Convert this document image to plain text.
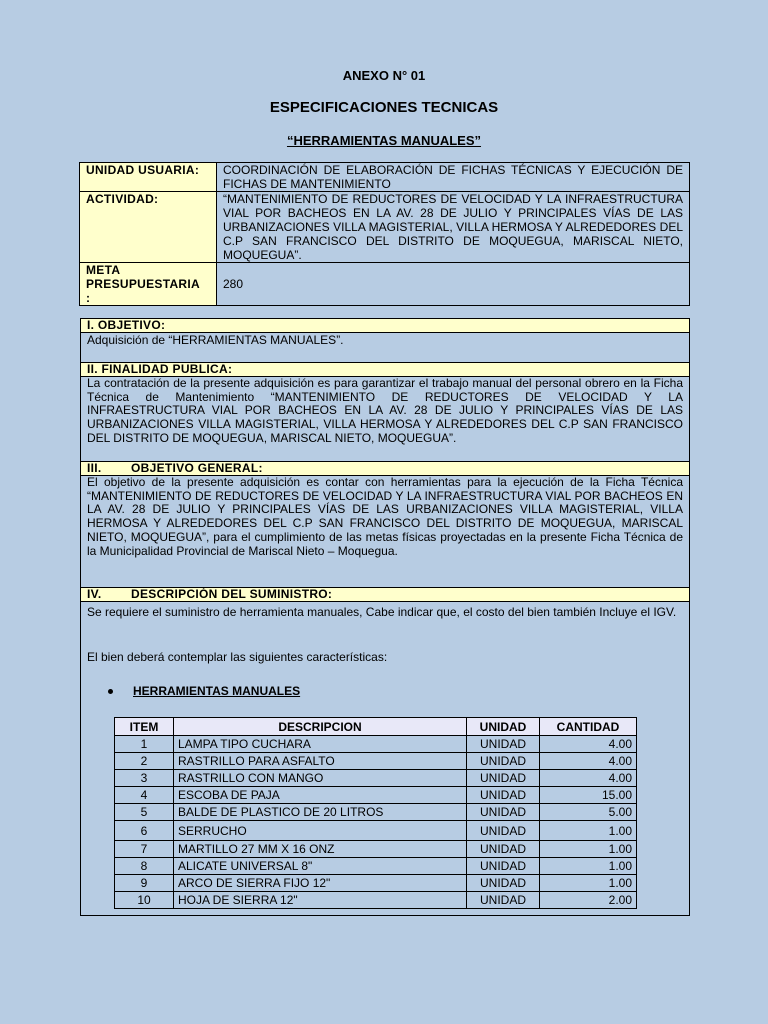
ANEXO N° 01
ESPECIFICACIONES TECNICAS
“HERRAMIENTAS MANUALES”
UNIDAD USUARIA:	COORDINACIÓN DE ELABORACIÓN DE FICHAS TÉCNICAS Y EJECUCIÓN DE FICHAS DE MANTENIMIENTO
ACTIVIDAD:	“MANTENIMIENTO DE REDUCTORES DE VELOCIDAD Y LA INFRAESTRUCTURA VIAL POR BACHEOS EN LA AV. 28 DE JULIO Y PRINCIPALES VÍAS DE LAS URBANIZACIONES VILLA MAGISTERIAL, VILLA HERMOSA Y ALREDEDORES DEL C.P SAN FRANCISCO DEL DISTRITO DE MOQUEGUA, MARISCAL NIETO, MOQUEGUA”.

META
PRESUPUESTARIA
:	280
I. OBJETIVO:
Adquisición de “HERRAMIENTAS MANUALES”.
II. FINALIDAD PUBLICA:
La contratación de la presente adquisición es para garantizar el trabajo manual del personal obrero en la Ficha Técnica de Mantenimiento “MANTENIMIENTO DE REDUCTORES DE VELOCIDAD Y LA INFRAESTRUCTURA VIAL POR BACHEOS EN LA AV. 28 DE JULIO Y PRINCIPALES VÍAS DE LAS URBANIZACIONES VILLA MAGISTERIAL, VILLA HERMOSA Y ALREDEDORES DEL C.P SAN FRANCISCO DEL DISTRITO DE MOQUEGUA, MARISCAL NIETO, MOQUEGUA”.
III. OBJETIVO GENERAL:
El objetivo de la presente adquisición es contar con herramientas para la ejecución de la Ficha Técnica “MANTENIMIENTO DE REDUCTORES DE VELOCIDAD Y LA INFRAESTRUCTURA VIAL POR BACHEOS EN LA AV. 28 DE JULIO Y PRINCIPALES VÍAS DE LAS URBANIZACIONES VILLA MAGISTERIAL, VILLA HERMOSA Y ALREDEDORES DEL C.P SAN FRANCISCO DEL DISTRITO DE MOQUEGUA, MARISCAL NIETO, MOQUEGUA”, para el cumplimiento de las metas físicas proyectadas en la presente Ficha Técnica de la Municipalidad Provincial de Mariscal Nieto – Moquegua.
IV. DESCRIPCIÓN DEL SUMINISTRO:
Se requiere el suministro de herramienta manuales, Cabe indicar que, el costo del bien también Incluye el IGV.
El bien deberá contemplar las siguientes características:
HERRAMIENTAS MANUALES
ITEM	DESCRIPCION	UNIDAD	CANTIDAD
1	LAMPA TIPO CUCHARA	UNIDAD	4.00
2	RASTRILLO PARA ASFALTO	UNIDAD	4.00
3	RASTRILLO CON MANGO	UNIDAD	4.00
4	ESCOBA DE PAJA	UNIDAD	15.00
5	BALDE DE PLASTICO DE 20 LITROS	UNIDAD	5.00
6	SERRUCHO	UNIDAD	1.00
7	MARTILLO 27 MM X 16 ONZ	UNIDAD	1.00
8	ALICATE UNIVERSAL 8"	UNIDAD	1.00
9	ARCO DE SIERRA FIJO 12"	UNIDAD	1.00
10	HOJA DE SIERRA 12"	UNIDAD	2.00
